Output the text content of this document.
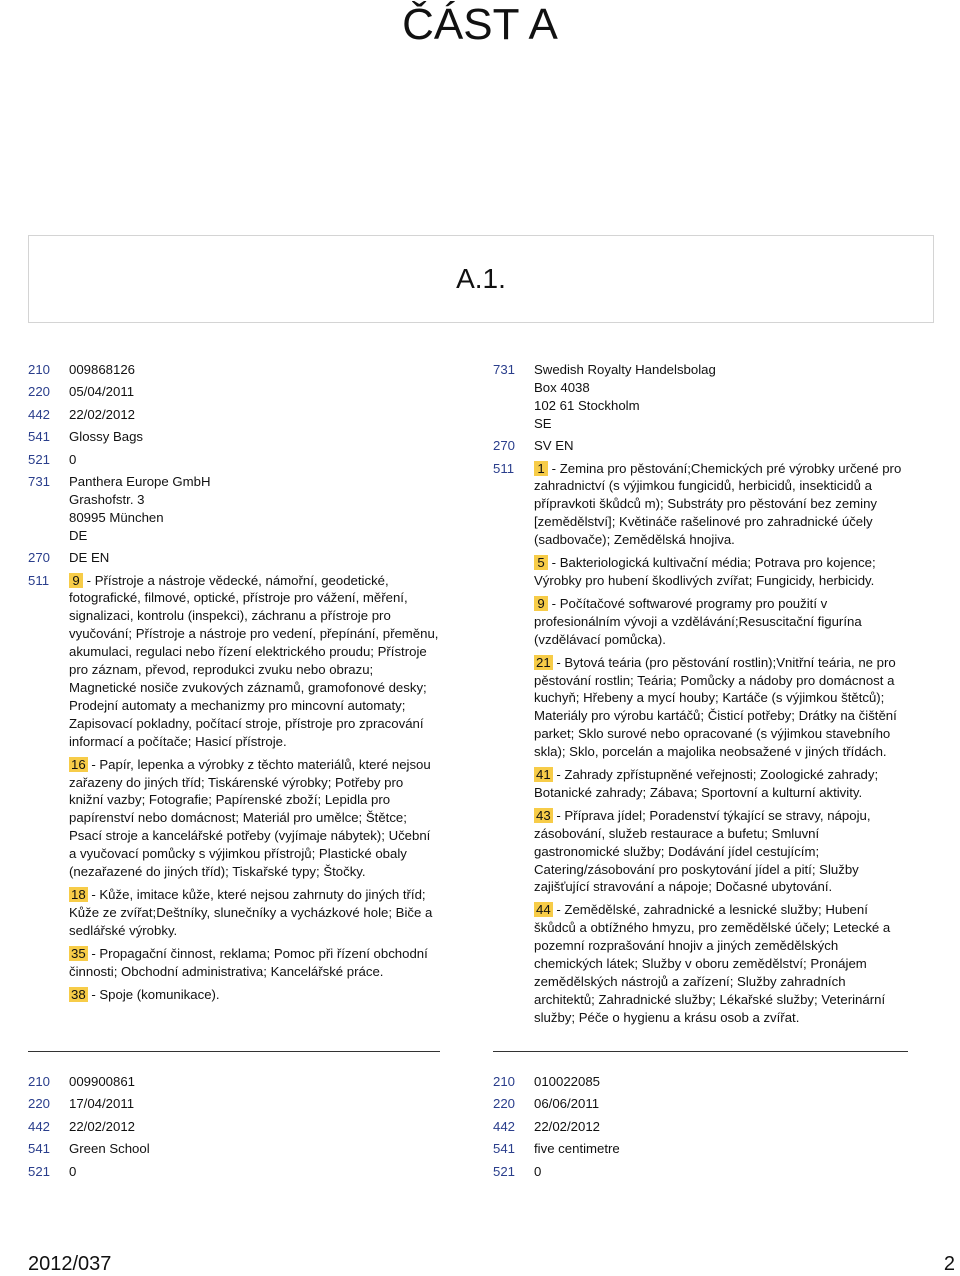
ČÁST A
A.1.
210	009868126
220	05/04/2011
442	22/02/2012
541	Glossy Bags
521	0
731	Panthera Europe GmbH
Grashofstr. 3
80995 München
DE
270	DE EN
511	9 - Přístroje a nástroje vědecké, námořní, geodetické, fotografické, filmové, optické, přístroje pro vážení, měření, signalizaci, kontrolu (inspekci), záchranu a přístroje pro vyučování; Přístroje a nástroje pro vedení, přepínání, přeměnu, akumulaci, regulaci nebo řízení elektrického proudu; Přístroje pro záznam, převod, reprodukci zvuku nebo obrazu; Magnetické nosiče zvukových záznamů, gramofonové desky; Prodejní automaty a mechanizmy pro mincovní automaty; Zapisovací pokladny, počítací stroje, přístroje pro zpracování informací a počítače; Hasicí přístroje.

16 - Papír, lepenka a výrobky z těchto materiálů, které nejsou zařazeny do jiných tříd; Tiskárenské výrobky; Potřeby pro knižní vazby; Fotografie; Papírenské zboží; Lepidla pro papírenství nebo domácnost; Materiál pro umělce; Štětce; Psací stroje a kancelářské potřeby (vyjímaje nábytek); Učební a vyučovací pomůcky s výjimkou přístrojů; Plastické obaly (nezařazené do jiných tříd); Tiskařské typy; Štočky.

18 - Kůže, imitace kůže, které nejsou zahrnuty do jiných tříd; Kůže ze zvířat;Deštníky, slunečníky a vycházkové hole; Biče a sedlářské výrobky.

35 - Propagační činnost, reklama; Pomoc při řízení obchodní činnosti; Obchodní administrativa; Kancelářské práce.

38 - Spoje (komunikace).

731	Swedish Royalty Handelsbolag
Box 4038
102 61 Stockholm
SE
270	SV EN
511	1 - Zemina pro pěstování;Chemických pré výrobky určené pro zahradnictví (s výjimkou fungicidů, herbicidů, insekticidů a přípravkoti škůdců m); Substráty pro pěstování bez zeminy [zemědělství]; Květináče rašelinové pro zahradnické účely (sadbovače); Zemědělská hnojiva.

5 - Bakteriologická kultivační média; Potrava pro kojence; Výrobky pro hubení škodlivých zvířat; Fungicidy, herbicidy.

9 - Počítačové softwarové programy pro použití v profesionálním vývoji a vzdělávání;Resuscitační figurína (vzdělávací pomůcka).

21 - Bytová teária (pro pěstování rostlin);Vnitřní teária, ne pro pěstování rostlin; Teária; Pomůcky a nádoby pro domácnost a kuchyň; Hřebeny a mycí houby; Kartáče (s výjimkou štětců); Materiály pro výrobu kartáčů; Čisticí potřeby; Drátky na čištění parket; Sklo surové nebo opracované (s výjimkou stavebního skla); Sklo, porcelán a majolika neobsažené v jiných třídách.

41 - Zahrady zpřístupněné veřejnosti; Zoologické zahrady; Botanické zahrady; Zábava; Sportovní a kulturní aktivity.

43 - Příprava jídel; Poradenství týkající se stravy, nápoju, zásobování, služeb restaurace a bufetu; Smluvní gastronomické služby; Dodávání jídel cestujícím; Catering/zásobování pro poskytování jídel a pití; Služby zajišťující stravování a nápoje; Dočasné ubytování.

44 - Zemědělské, zahradnické a lesnické služby; Hubení škůdců a obtížného hmyzu, pro zemědělské účely; Letecké a pozemní rozprašování hnojiv a jiných zemědělských chemických látek; Služby v oboru zemědělství; Pronájem zemědělských nástrojů a zařízení; Služby zahradních architektů; Zahradnické služby; Lékařské služby; Veterinární služby; Péče o hygienu a krásu osob a zvířat.

210	009900861
220	17/04/2011
442	22/02/2012
541	Green School
521	0
210	010022085
220	06/06/2011
442	22/02/2012
541	five centimetre
521	0
2012/037	2
